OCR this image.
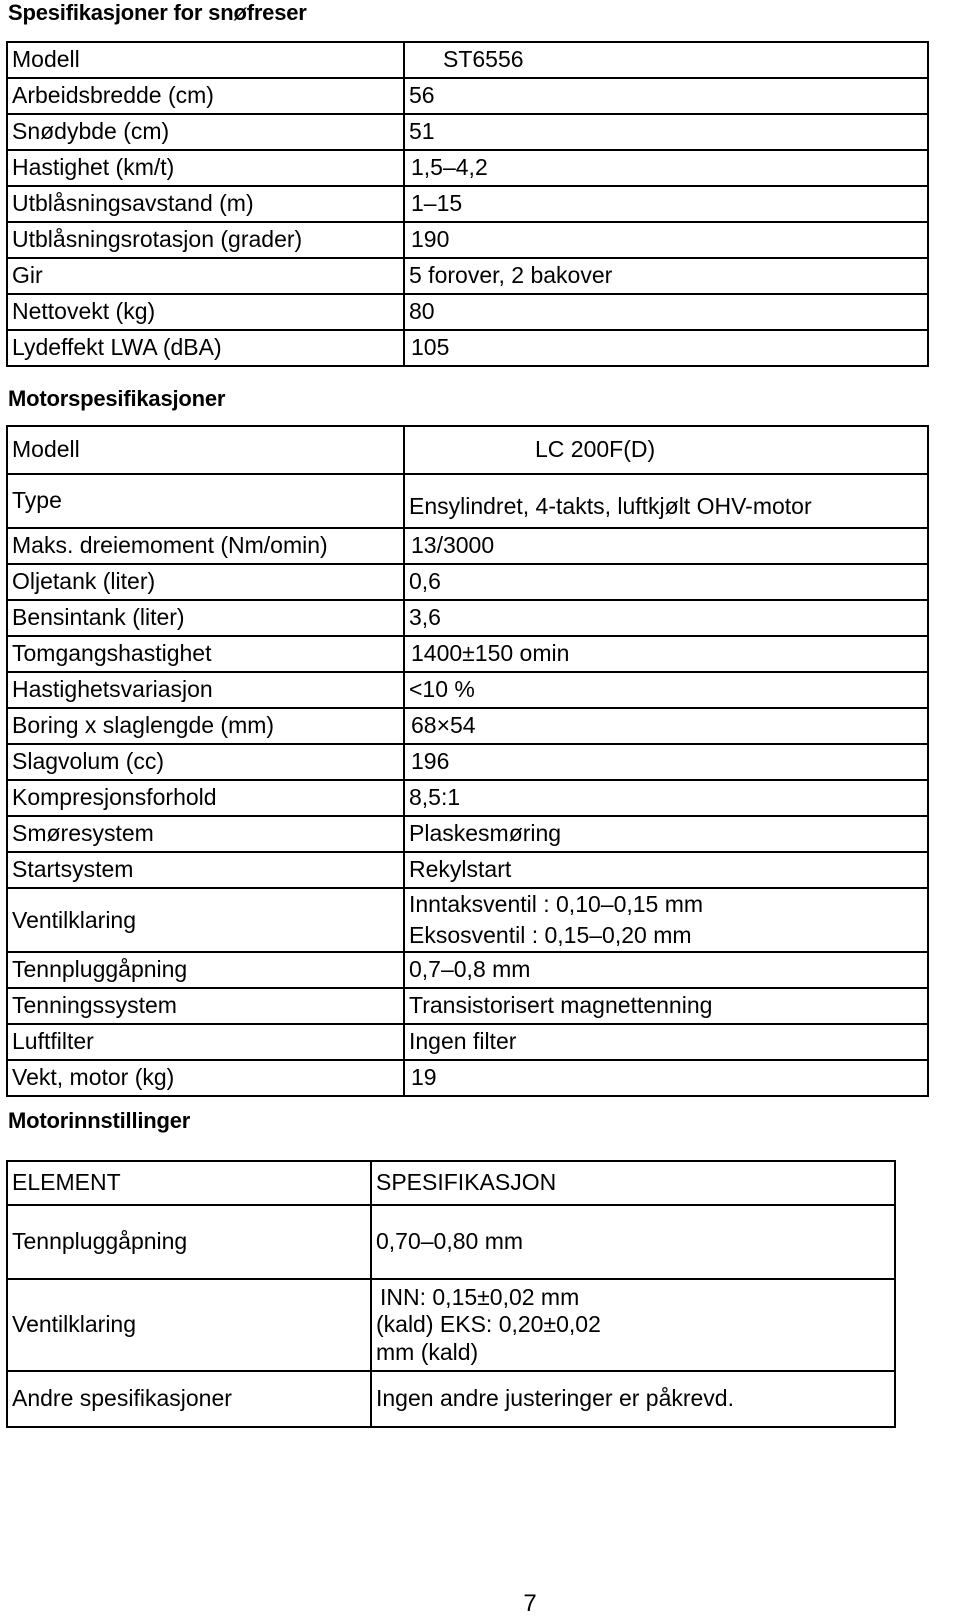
Spesifikasjoner for snøfreser
Modell	ST6556
Arbeidsbredde (cm)	56
Snødybde (cm)	51
Hastighet (km/t)	1,5–4,2
Utblåsningsavstand (m)	1–15
Utblåsningsrotasjon (grader)	190
Gir	5 forover, 2 bakover
Nettovekt (kg)	80
Lydeffekt LWA (dBA)	105
Motorspesifikasjoner
Modell	LC 200F(D)
Type	Ensylindret, 4-takts, luftkjølt OHV-motor
Maks. dreiemoment (Nm/omin)	13/3000
Oljetank (liter)	0,6
Bensintank (liter)	3,6
Tomgangshastighet	1400±150 omin
Hastighetsvariasjon	<10 %
Boring x slaglengde (mm)	68×54
Slagvolum (cc)	196
Kompresjonsforhold	8,5:1
Smøresystem	Plaskesmøring
Startsystem	Rekylstart
Ventilklaring	Inntaksventil : 0,10–0,15 mm
Eksosventil : 0,15–0,20 mm

Tennpluggåpning	0,7–0,8 mm
Tenningssystem	Transistorisert magnettenning
Luftfilter	Ingen filter
Vekt, motor (kg)	19
Motorinnstillinger
ELEMENT	SPESIFIKASJON
Tennpluggåpning	0,70–0,80 mm
Ventilklaring	INN: 0,15±0,02 mm
(kald) EKS: 0,20±0,02
mm (kald)

Andre spesifikasjoner	Ingen andre justeringer er påkrevd.
7
